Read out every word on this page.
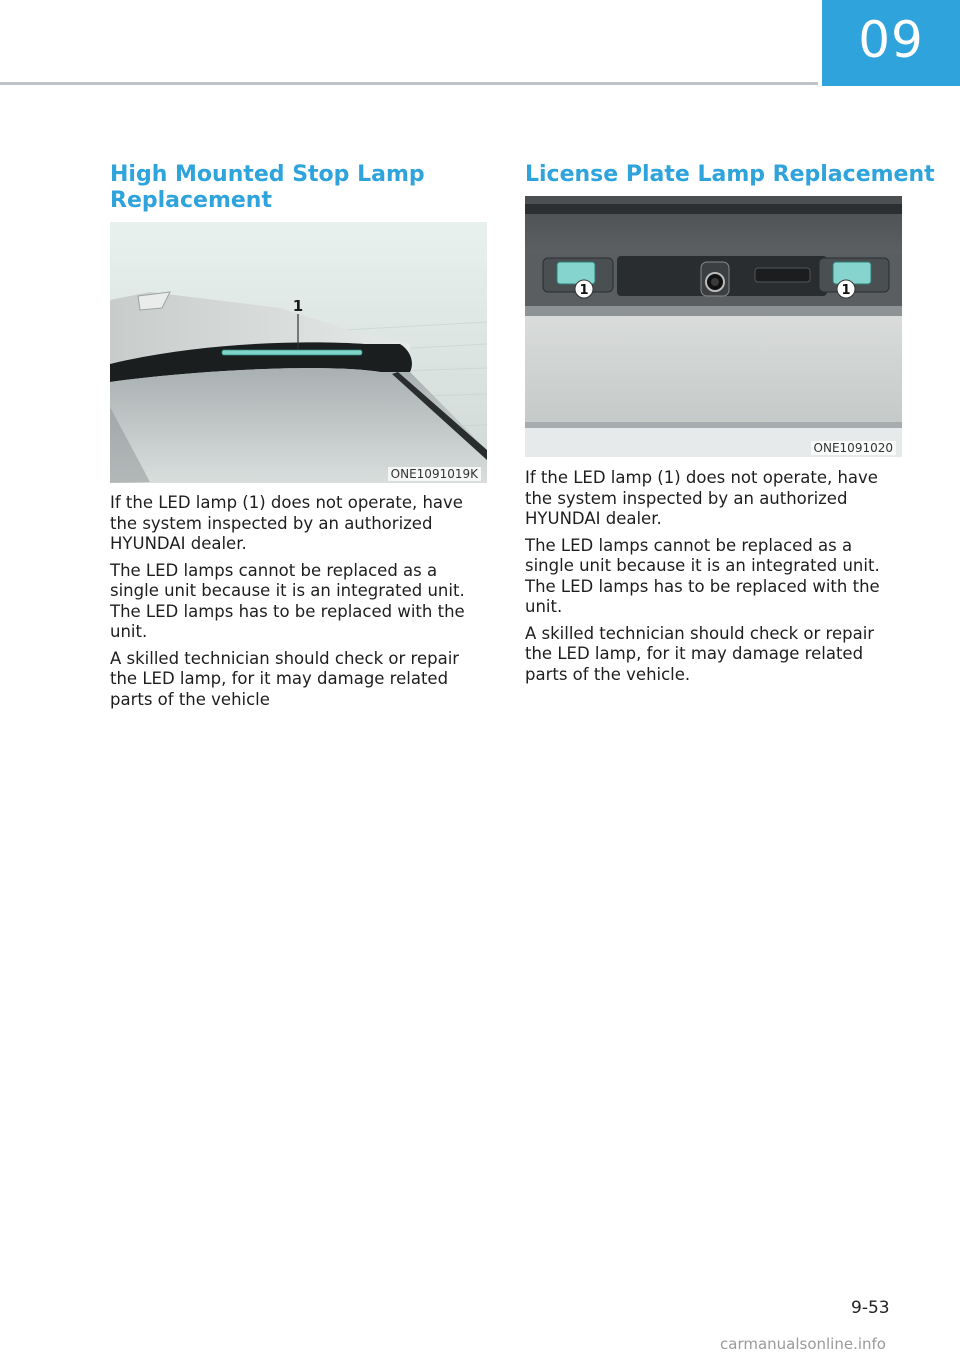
09
High Mounted Stop Lamp
Replacement
1
ONE1091019K

If the LED lamp (1) does not operate, have the system inspected by an authorized HYUNDAI dealer.

The LED lamps cannot be replaced as a single unit because it is an integrated unit. The LED lamps has to be replaced with the unit.

A skilled technician should check or repair the LED lamp, for it may damage related parts of the vehicle

License Plate Lamp Replacement
1	1
ONE1091020

If the LED lamp (1) does not operate, have the system inspected by an authorized HYUNDAI dealer.

The LED lamps cannot be replaced as a single unit because it is an integrated unit. The LED lamps has to be replaced with the unit.

A skilled technician should check or repair the LED lamp, for it may damage related parts of the vehicle.

9-53
carmanualsonline.info
